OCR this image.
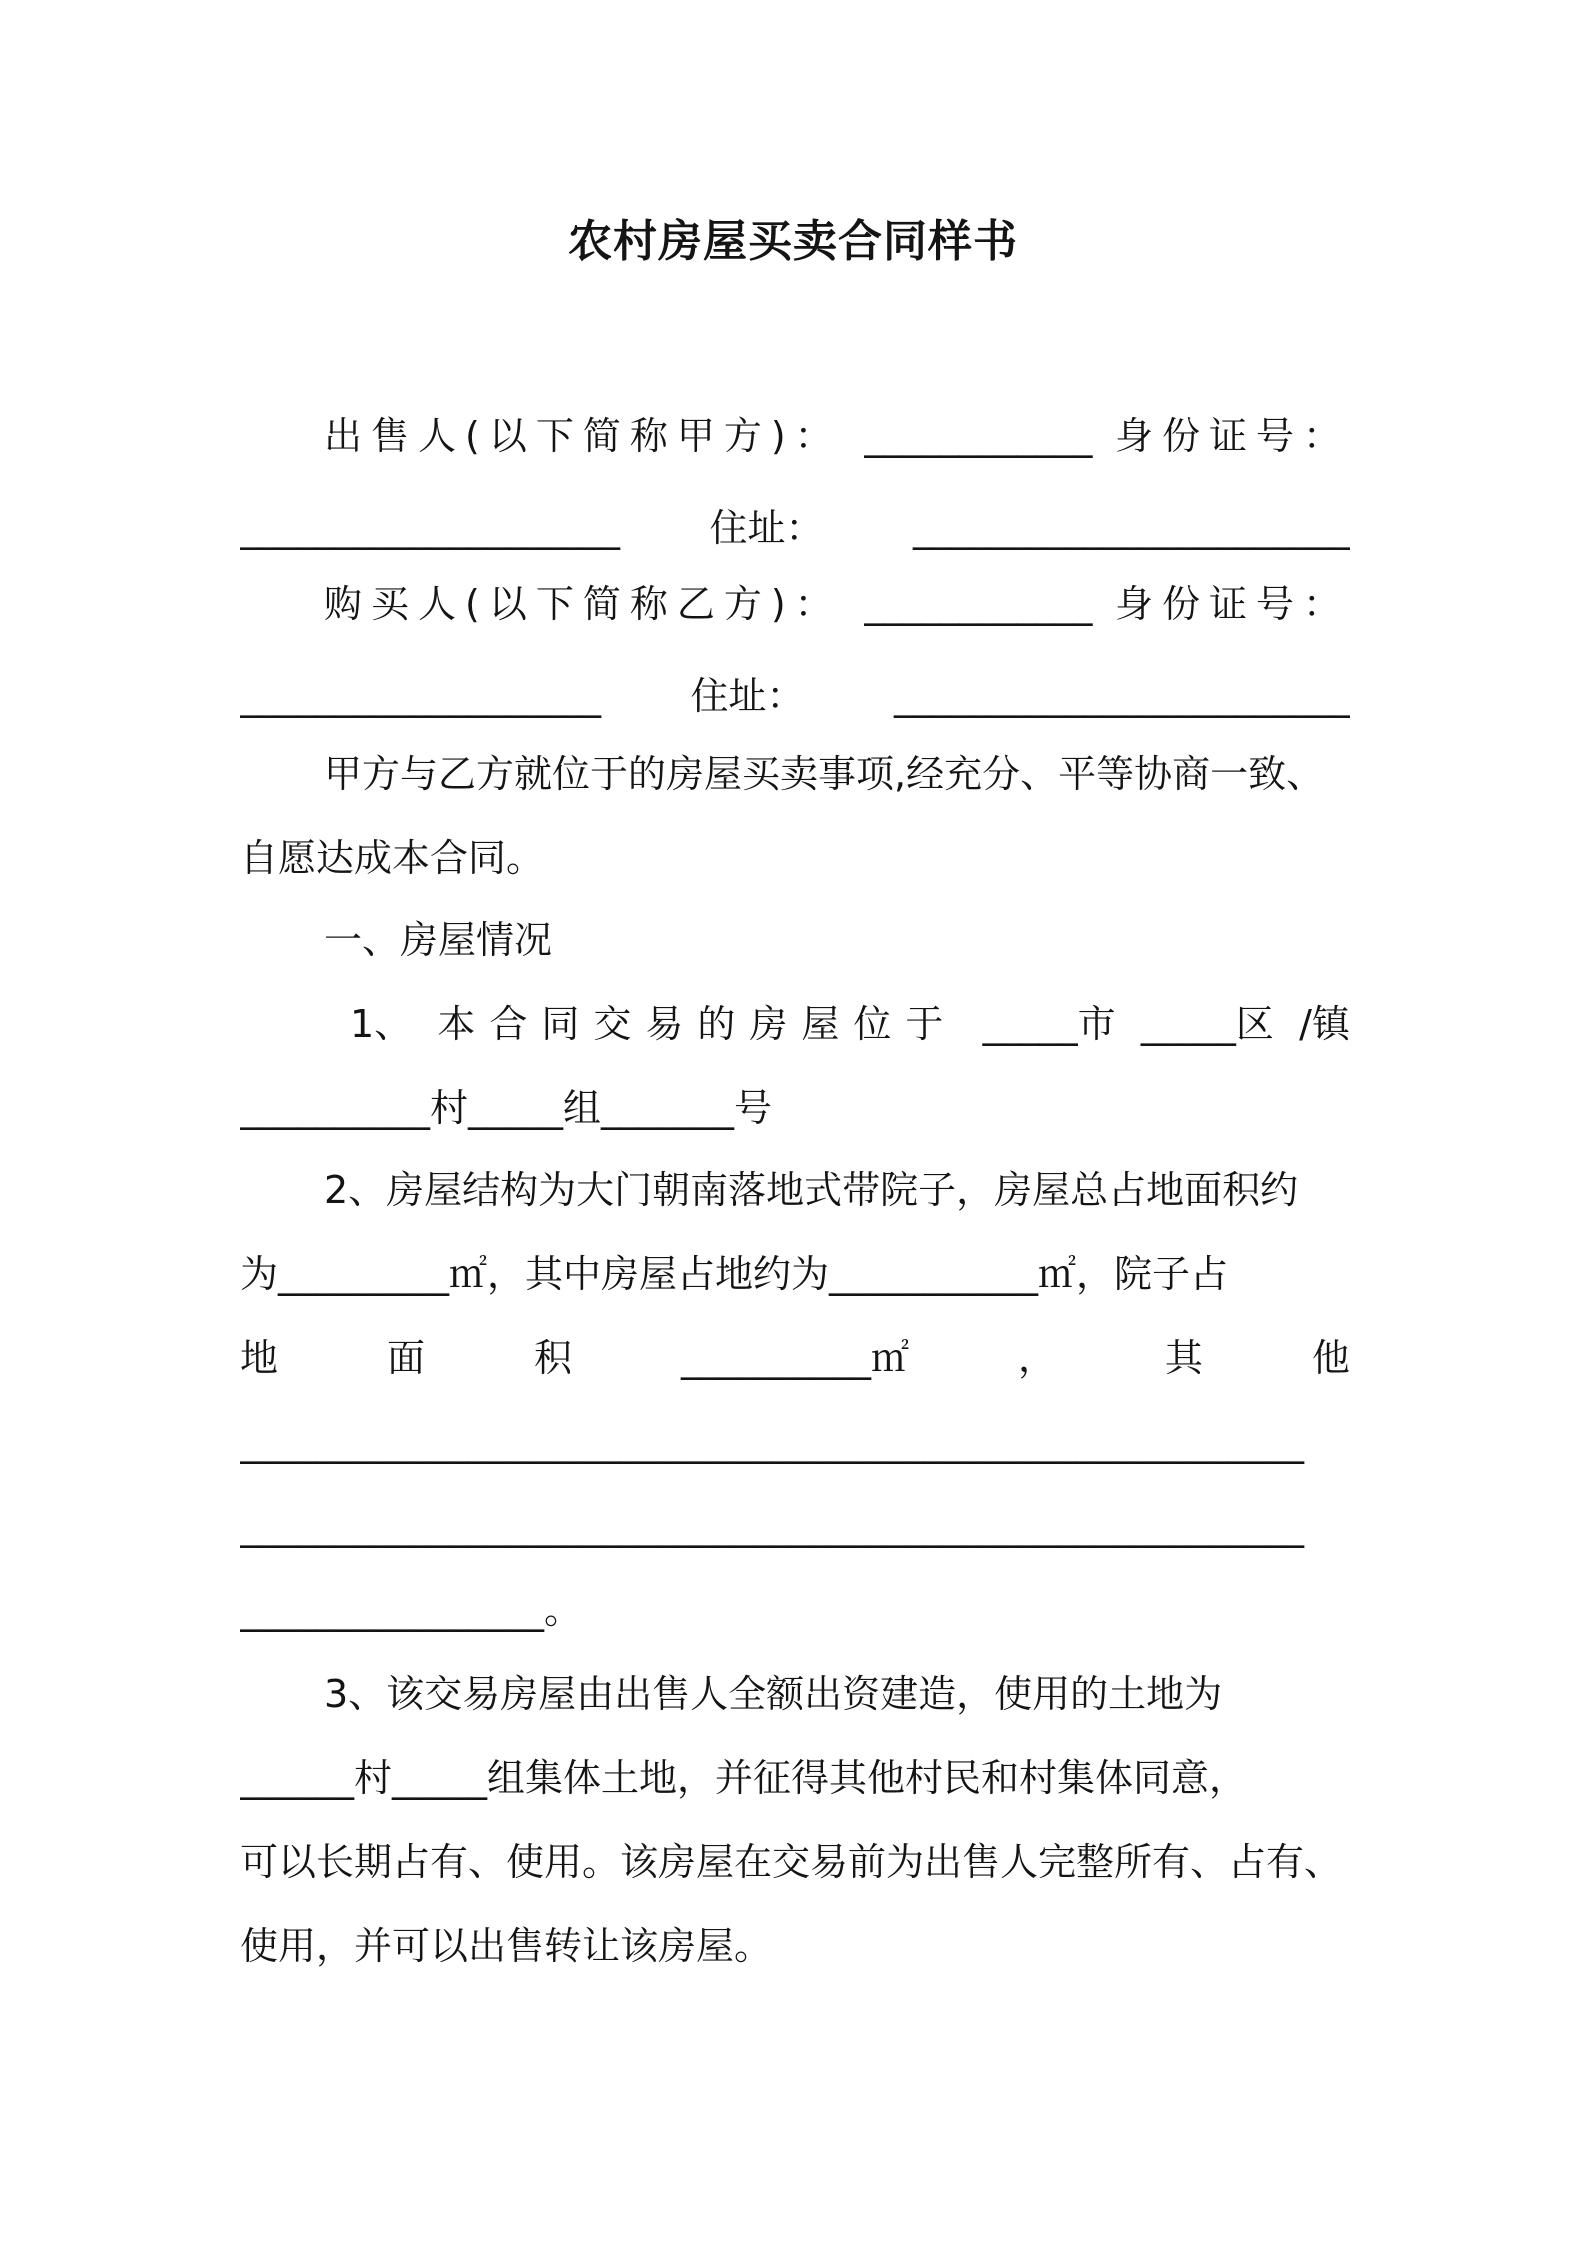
农村房屋买卖合同样书
出售人(以下简称甲方)： ____________ 身份证号：
____________________ 住址： _______________________
购买人(以下简称乙方)： ____________ 身份证号：
___________________ 住址： ________________________
甲方与乙方就位于的房屋买卖事项,经充分、平等协商一致、
自愿达成本合同。
一、房屋情况
1、 本合同交易的房屋位于 _____市 _____区 /镇
__________村_____组_______号
2、房屋结构为大门朝南落地式带院子，房屋总占地面积约
为_________㎡，其中房屋占地约为___________㎡，院子占
地	面	积	__________㎡	，	其	他
________________________________________________________
________________________________________________________
________________。
3、该交易房屋由出售人全额出资建造，使用的土地为
______村_____组集体土地，并征得其他村民和村集体同意，
可以长期占有、使用。该房屋在交易前为出售人完整所有、占有、
使用，并可以出售转让该房屋。
